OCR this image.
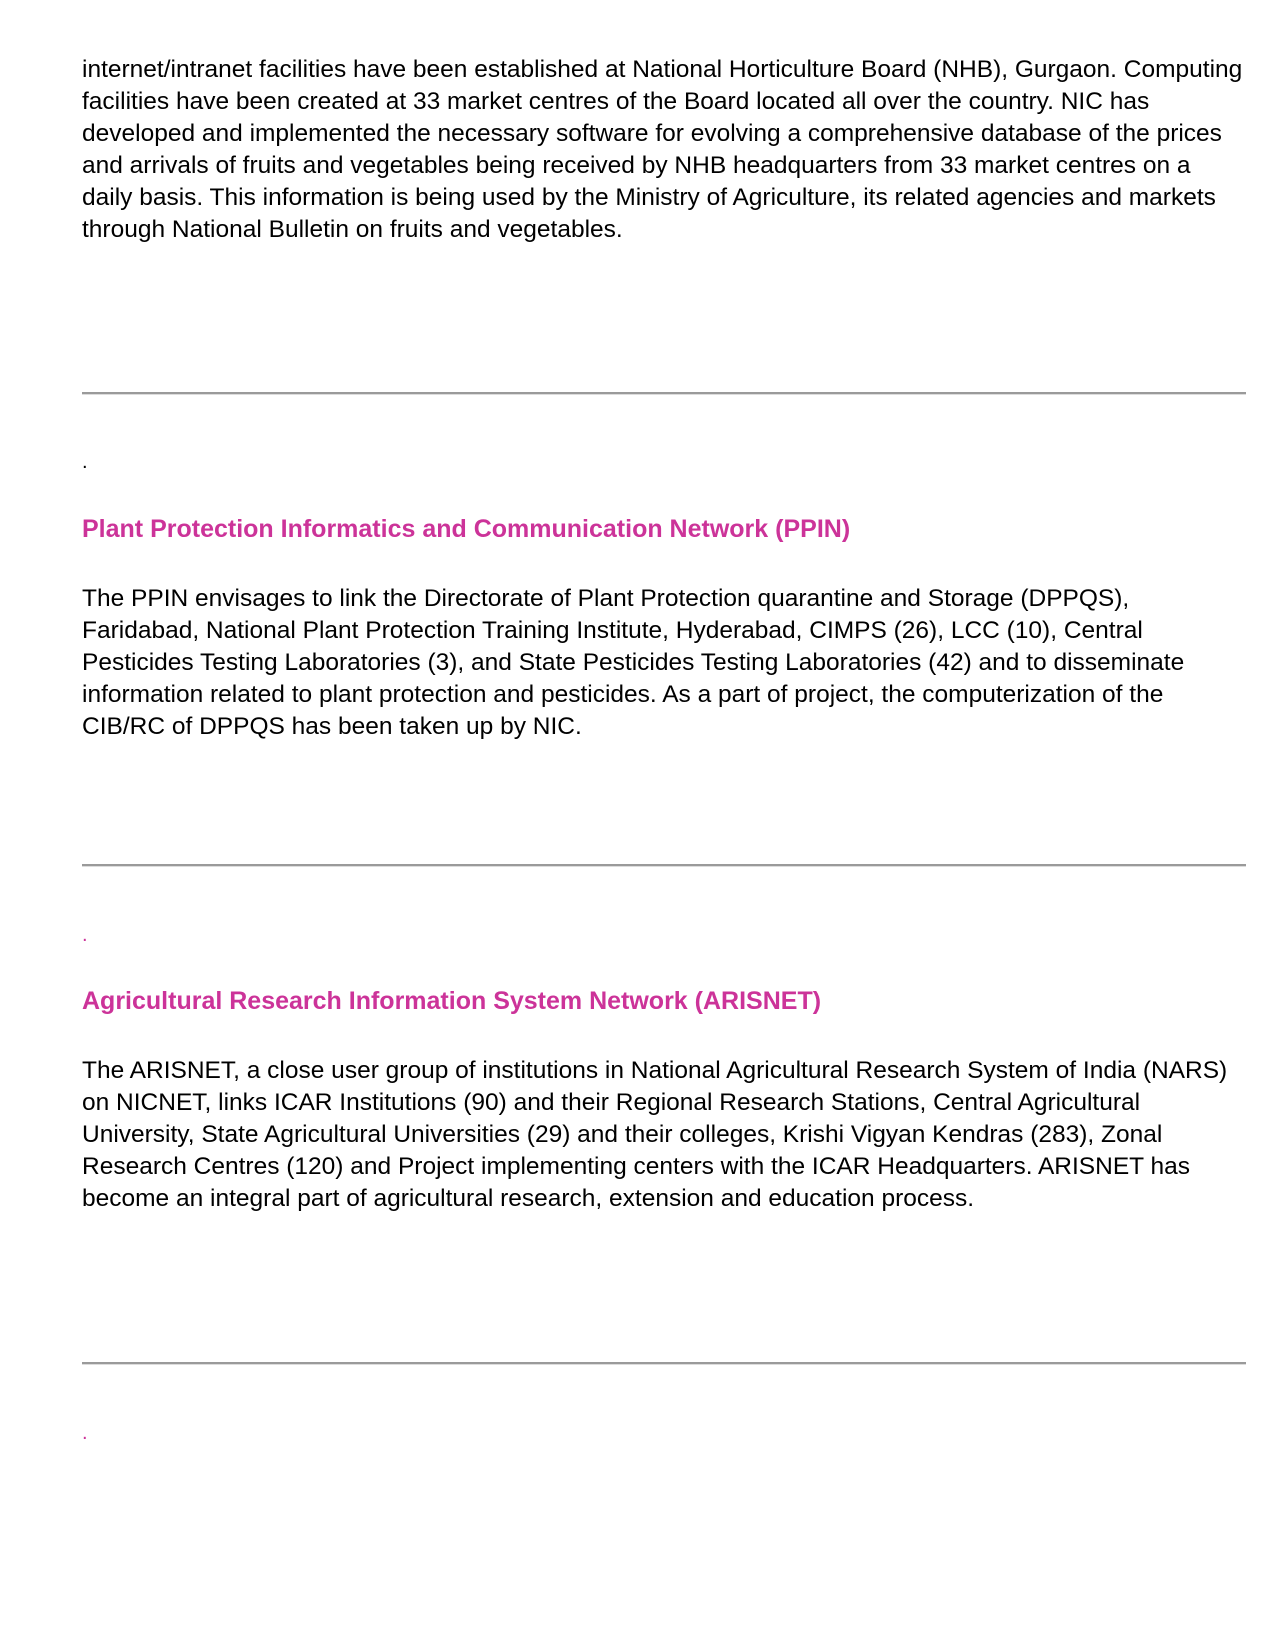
internet/intranet facilities have been established at National Horticulture Board (NHB), Gurgaon. Computing facilities have been created at 33 market centres of the Board located all over the country. NIC has developed and implemented the necessary software for evolving a comprehensive database of the prices and arrivals of fruits and vegetables being received by NHB headquarters from 33 market centres on a daily basis. This information is being used by the Ministry of Agriculture, its related agencies and markets through National Bulletin on fruits and vegetables.

.
Plant Protection Informatics and Communication Network (PPIN)

The PPIN envisages to link the Directorate of Plant Protection quarantine and Storage (DPPQS), Faridabad, National Plant Protection Training Institute, Hyderabad, CIMPS (26), LCC (10), Central Pesticides Testing Laboratories (3), and State Pesticides Testing Laboratories (42) and to disseminate information related to plant protection and pesticides. As a part of project, the computerization of the CIB/RC of DPPQS has been taken up by NIC.

.
Agricultural Research Information System Network (ARISNET)

The ARISNET, a close user group of institutions in National Agricultural Research System of India (NARS) on NICNET, links ICAR Institutions (90) and their Regional Research Stations, Central Agricultural University, State Agricultural Universities (29) and their colleges, Krishi Vigyan Kendras (283), Zonal Research Centres (120) and Project implementing centers with the ICAR Headquarters. ARISNET has become an integral part of agricultural research, extension and education process.

.
